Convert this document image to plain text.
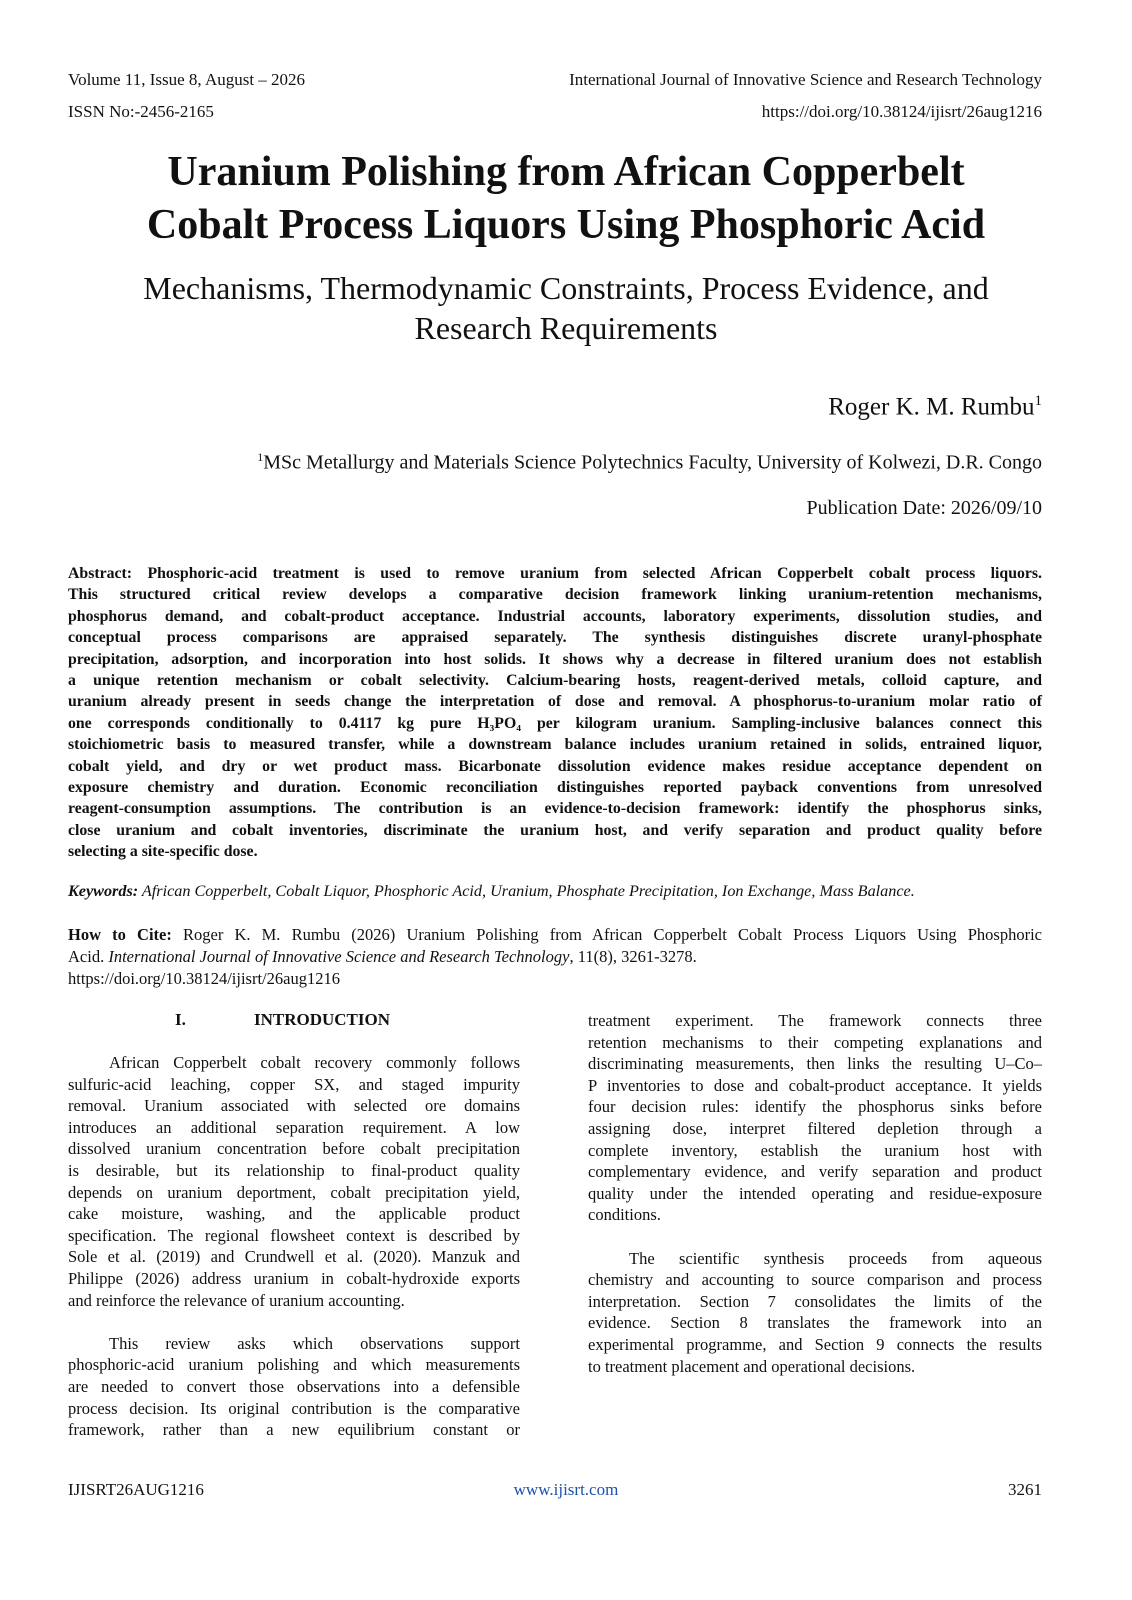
Volume 11, Issue 8, August – 2026	International Journal of Innovative Science and Research Technology
ISSN No:-2456-2165	https://doi.org/10.38124/ijisrt/26aug1216
Uranium Polishing from African Copperbelt
Cobalt Process Liquors Using Phosphoric Acid
Mechanisms, Thermodynamic Constraints, Process Evidence, and
Research Requirements
Roger K. M. Rumbu$^1$
$^1$MSc Metallurgy and Materials Science Polytechnics Faculty, University of Kolwezi, D.R. Congo
Publication Date: 2026/09/10
Abstract: Phosphoric-acid treatment is used to remove uranium from selected African Copperbelt cobalt process liquors.
This structured critical review develops a comparative decision framework linking uranium-retention mechanisms,
phosphorus demand, and cobalt-product acceptance. Industrial accounts, laboratory experiments, dissolution studies, and
conceptual process comparisons are appraised separately. The synthesis distinguishes discrete uranyl-phosphate
precipitation, adsorption, and incorporation into host solids. It shows why a decrease in filtered uranium does not establish
a unique retention mechanism or cobalt selectivity. Calcium-bearing hosts, reagent-derived metals, colloid capture, and
uranium already present in seeds change the interpretation of dose and removal. A phosphorus-to-uranium molar ratio of
one corresponds conditionally to 0.4117 kg pure H₃PO₄ per kilogram uranium. Sampling-inclusive balances connect this
stoichiometric basis to measured transfer, while a downstream balance includes uranium retained in solids, entrained liquor,
cobalt yield, and dry or wet product mass. Bicarbonate dissolution evidence makes residue acceptance dependent on
exposure chemistry and duration. Economic reconciliation distinguishes reported payback conventions from unresolved
reagent-consumption assumptions. The contribution is an evidence-to-decision framework: identify the phosphorus sinks,
close uranium and cobalt inventories, discriminate the uranium host, and verify separation and product quality before
selecting a site-specific dose.
Keywords: African Copperbelt, Cobalt Liquor, Phosphoric Acid, Uranium, Phosphate Precipitation, Ion Exchange, Mass Balance.
How to Cite: Roger K. M. Rumbu (2026) Uranium Polishing from African Copperbelt Cobalt Process Liquors Using Phosphoric
Acid. International Journal of Innovative Science and Research Technology, 11(8), 3261-3278.
https://doi.org/10.38124/ijisrt/26aug1216
I.	INTRODUCTION
African Copperbelt cobalt recovery commonly follows
sulfuric-acid leaching, copper SX, and staged impurity
removal. Uranium associated with selected ore domains
introduces an additional separation requirement. A low
dissolved uranium concentration before cobalt precipitation
is desirable, but its relationship to final-product quality
depends on uranium deportment, cobalt precipitation yield,
cake moisture, washing, and the applicable product
specification. The regional flowsheet context is described by
Sole et al. (2019) and Crundwell et al. (2020). Manzuk and
Philippe (2026) address uranium in cobalt-hydroxide exports
and reinforce the relevance of uranium accounting.
This review asks which observations support
phosphoric-acid uranium polishing and which measurements
are needed to convert those observations into a defensible
process decision. Its original contribution is the comparative
framework, rather than a new equilibrium constant or
treatment experiment. The framework connects three
retention mechanisms to their competing explanations and
discriminating measurements, then links the resulting U–Co–
P inventories to dose and cobalt-product acceptance. It yields
four decision rules: identify the phosphorus sinks before
assigning dose, interpret filtered depletion through a
complete inventory, establish the uranium host with
complementary evidence, and verify separation and product
quality under the intended operating and residue-exposure
conditions.
The scientific synthesis proceeds from aqueous
chemistry and accounting to source comparison and process
interpretation. Section 7 consolidates the limits of the
evidence. Section 8 translates the framework into an
experimental programme, and Section 9 connects the results
to treatment placement and operational decisions.
IJISRT26AUG1216	www.ijisrt.com	3261
